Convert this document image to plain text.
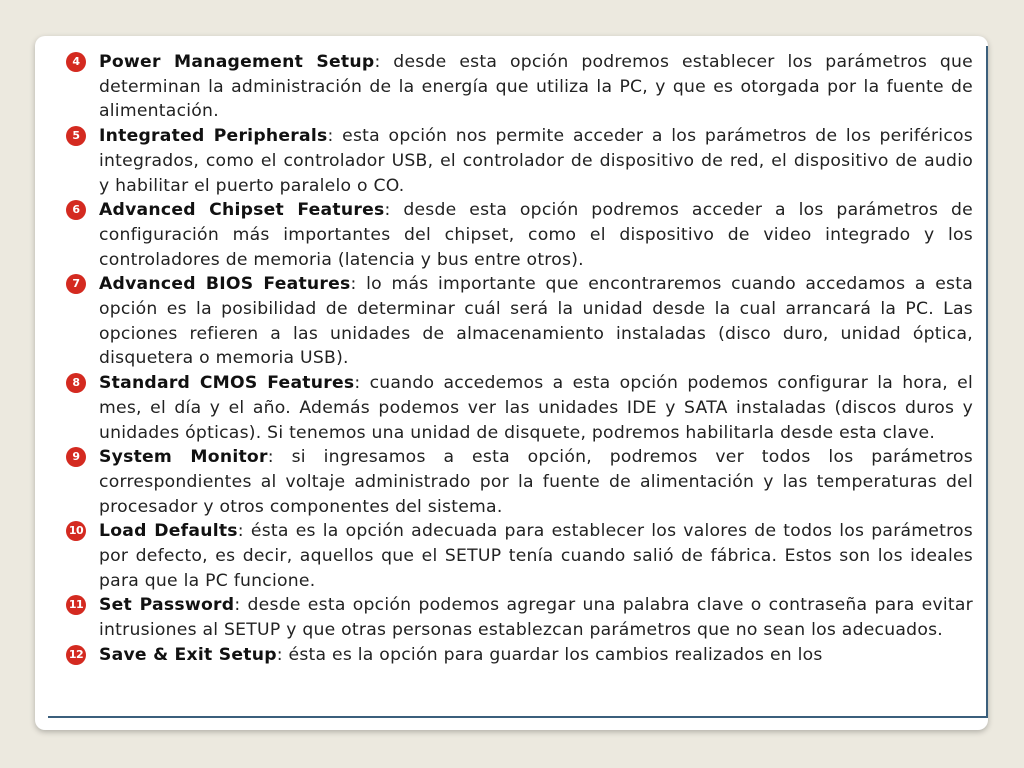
4	Power Management Setup: desde esta opción podremos establecer los parámetros que determinan la administración de la energía que utiliza la PC, y que es otorgada por la fuente de alimentación.
5	Integrated Peripherals: esta opción nos permite acceder a los parámetros de los periféricos integrados, como el controlador USB, el controlador de dispositivo de red, el dispositivo de audio y habilitar el puerto paralelo o CO.
6	Advanced Chipset Features: desde esta opción podremos acceder a los parámetros de configuración más importantes del chipset, como el dispositivo de video integrado y los controladores de memoria (latencia y bus entre otros).
7	Advanced BIOS Features: lo más importante que encontraremos cuando accedamos a esta opción es la posibilidad de determinar cuál será la unidad desde la cual arrancará la PC. Las opciones refieren a las unidades de almacenamiento instaladas (disco duro, unidad óptica, disquetera o memoria USB).
8	Standard CMOS Features: cuando accedemos a esta opción podemos configurar la hora, el mes, el día y el año. Además podemos ver las unidades IDE y SATA instaladas (discos duros y unidades ópticas). Si tenemos una unidad de disquete, podremos habilitarla desde esta clave.
9	System Monitor: si ingresamos a esta opción, podremos ver todos los parámetros correspondientes al voltaje administrado por la fuente de alimentación y las temperaturas del procesador y otros componentes del sistema.
10 Load Defaults: ésta es la opción adecuada para establecer los valores de todos los parámetros por defecto, es decir, aquellos que el SETUP tenía cuando salió de fábrica. Estos son los ideales para que la PC funcione.
11 Set Password: desde esta opción podemos agregar una palabra clave o contraseña para evitar intrusiones al SETUP y que otras personas establezcan parámetros que no sean los adecuados.
12 Save & Exit Setup: ésta es la opción para guardar los cambios realizados en los
